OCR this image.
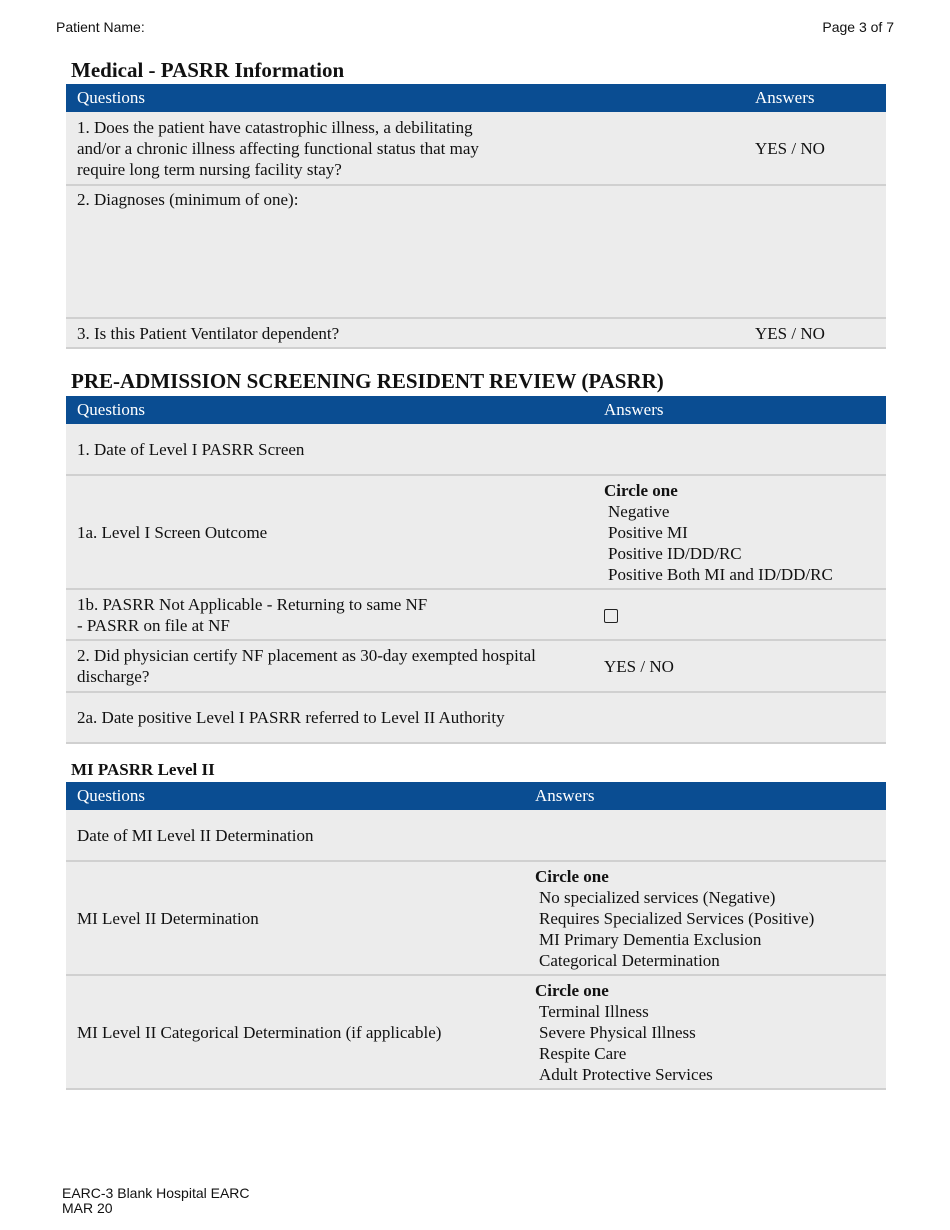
Patient Name:	Page 3 of 7
Medical - PASRR Information
Questions	Answers

1. Does the patient have catastrophic illness, a debilitating and/or a chronic illness affecting functional status that may require long term nursing facility stay?	YES / NO
2. Diagnoses (minimum of one):	
3. Is this Patient Ventilator dependent?	YES / NO
PRE-ADMISSION SCREENING RESIDENT REVIEW (PASRR)
Questions	Answers
1. Date of Level I PASRR Screen	
1a. Level I Screen Outcome	Circle one
Negative
Positive MI
Positive ID/DD/RC
Positive Both MI and ID/DD/RC

1b. PASRR Not Applicable - Returning to same NF
- PASRR on file at NF	

2. Did physician certify NF placement as 30-day exempted hospital discharge?	YES / NO
2a. Date positive Level I PASRR referred to Level II Authority	
MI PASRR Level II
Questions	Answers
Date of MI Level II Determination	
MI Level II Determination	Circle one
No specialized services (Negative)
Requires Specialized Services (Positive)
MI Primary Dementia Exclusion
Categorical Determination

MI Level II Categorical Determination (if applicable)	Circle one
Terminal Illness
Severe Physical Illness
Respite Care
Adult Protective Services
EARC-3 Blank Hospital EARC
MAR 20
